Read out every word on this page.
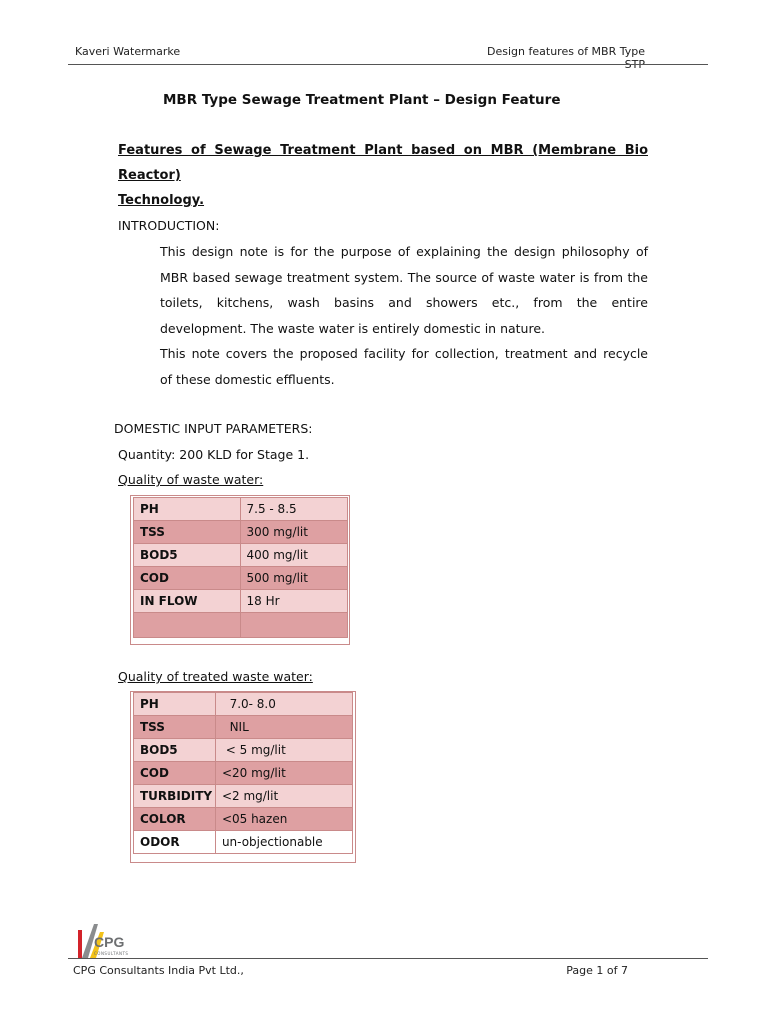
Kaveri Watermarke	Design features of MBR Type STP
MBR Type Sewage Treatment Plant – Design Feature
Features of Sewage Treatment Plant based on MBR (Membrane Bio Reactor)
Technology.
INTRODUCTION:
This design note is for the purpose of explaining the design philosophy of
MBR based sewage treatment system. The source of waste water is from the
toilets, kitchens, wash basins and showers etc., from the entire
development. The waste water is entirely domestic in nature.
This note covers the proposed facility for collection, treatment and recycle
of these domestic effluents.
DOMESTIC INPUT PARAMETERS:
Quantity: 200 KLD for Stage 1.
Quality of waste water:
PH	7.5 - 8.5
TSS	300 mg/lit
BOD5	400 mg/lit
COD	500 mg/lit
IN FLOW	18 Hr

Quality of treated waste water:
PH	7.0- 8.0
TSS	NIL
BOD5	< 5 mg/lit
COD	<20 mg/lit
TURBIDITY	<2 mg/lit
COLOR	<05 hazen
ODOR	un-objectionable
CPG
CONSULTANTS
CPG Consultants India Pvt Ltd.,	Page 1 of 7
